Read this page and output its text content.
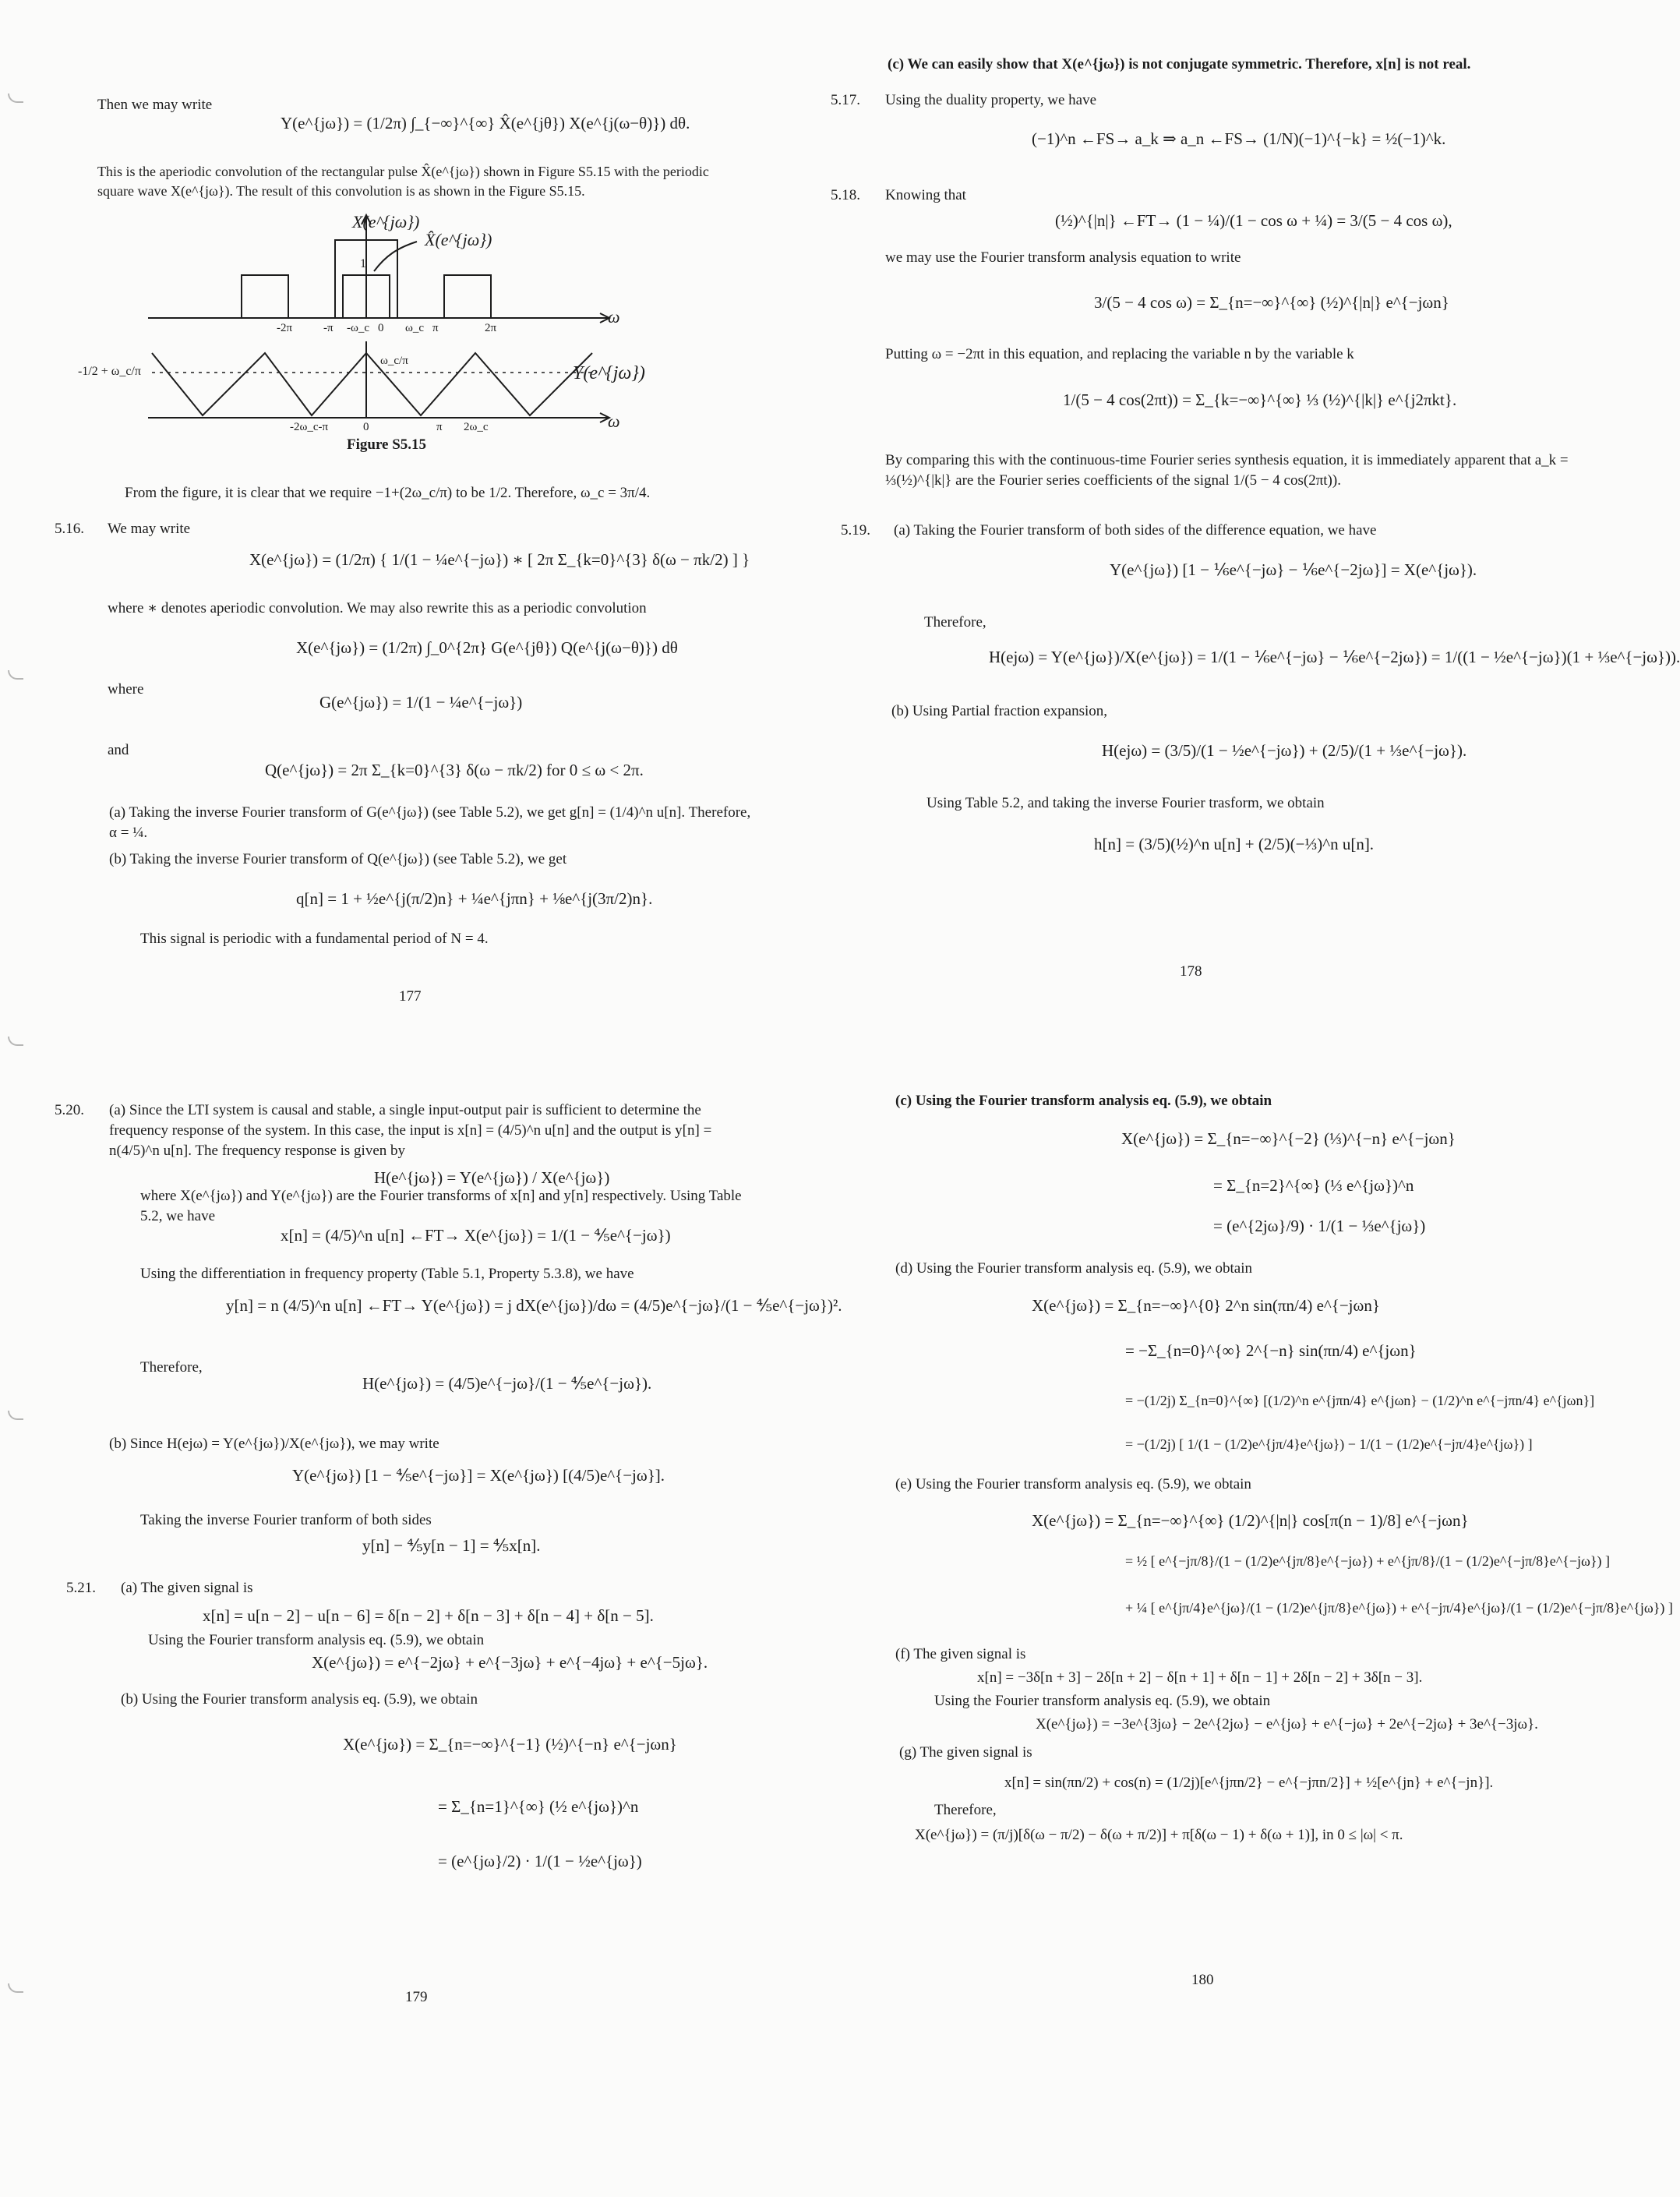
Then we may write
Y(e^{jω}) = (1/2π) ∫_{−∞}^{∞} X̂(e^{jθ}) X(e^{j(ω−θ)}) dθ.
This is the aperiodic convolution of the rectangular pulse X̂(e^{jω}) shown in Figure S5.15 with the periodic square wave X(e^{jω}). The result of this convolution is as shown in the Figure S5.15.
X(e^{jω})
X̂(e^{jω})
1
-2π	-π -ω_c 0 ω_c π	2π
ω
ω_c/π
-1/2 + ω_c/π	Y(e^{jω})
-2ω_c-π	0	π 2ω_c	ω
Figure S5.15
From the figure, it is clear that we require −1+(2ω_c/π) to be 1/2. Therefore, ω_c = 3π/4.
5.16. We may write
X(e^{jω}) = (1/2π) { 1/(1 − ¼e^{−jω}) ∗ [ 2π Σ_{k=0}^{3} δ(ω − πk/2) ] }
where ∗ denotes aperiodic convolution. We may also rewrite this as a periodic convolution
X(e^{jω}) = (1/2π) ∫_0^{2π} G(e^{jθ}) Q(e^{j(ω−θ)}) dθ
where
G(e^{jω}) = 1/(1 − ¼e^{−jω})
and
Q(e^{jω}) = 2π Σ_{k=0}^{3} δ(ω − πk/2) for 0 ≤ ω < 2π.
(a) Taking the inverse Fourier transform of G(e^{jω}) (see Table 5.2), we get g[n] = (1/4)^n u[n]. Therefore, α = ¼.
(b) Taking the inverse Fourier transform of Q(e^{jω}) (see Table 5.2), we get
q[n] = 1 + ½e^{j(π/2)n} + ¼e^{jπn} + ⅛e^{j(3π/2)n}.
This signal is periodic with a fundamental period of N = 4.
177
(c) We can easily show that X(e^{jω}) is not conjugate symmetric. Therefore, x[n] is not real.
5.17. Using the duality property, we have
(−1)^n ←FS→ a_k ⇒ a_n ←FS→ (1/N)(−1)^{−k} = ½(−1)^k.
5.18. Knowing that
(½)^{|n|} ←FT→ (1 − ¼)/(1 − cos ω + ¼) = 3/(5 − 4 cos ω),
we may use the Fourier transform analysis equation to write
3/(5 − 4 cos ω) = Σ_{n=−∞}^{∞} (½)^{|n|} e^{−jωn}
Putting ω = −2πt in this equation, and replacing the variable n by the variable k
1/(5 − 4 cos(2πt)) = Σ_{k=−∞}^{∞} ⅓ (½)^{|k|} e^{j2πkt}.
By comparing this with the continuous-time Fourier series synthesis equation, it is immediately apparent that a_k = ⅓(½)^{|k|} are the Fourier series coefficients of the signal 1/(5 − 4 cos(2πt)).
5.19. (a) Taking the Fourier transform of both sides of the difference equation, we have
Y(e^{jω}) [1 − ⅙e^{−jω} − ⅙e^{−2jω}] = X(e^{jω}).
Therefore,
H(ejω) = Y(e^{jω})/X(e^{jω}) = 1/(1 − ⅙e^{−jω} − ⅙e^{−2jω}) = 1/((1 − ½e^{−jω})(1 + ⅓e^{−jω})).
(b) Using Partial fraction expansion,
H(ejω) = (3/5)/(1 − ½e^{−jω}) + (2/5)/(1 + ⅓e^{−jω}).
Using Table 5.2, and taking the inverse Fourier trasform, we obtain
h[n] = (3/5)(½)^n u[n] + (2/5)(−⅓)^n u[n].
178
5.20. (a) Since the LTI system is causal and stable, a single input-output pair is sufficient to determine the frequency response of the system. In this case, the input is x[n] = (4/5)^n u[n] and the output is y[n] = n(4/5)^n u[n]. The frequency response is given by
H(e^{jω}) = Y(e^{jω}) / X(e^{jω})
where X(e^{jω}) and Y(e^{jω}) are the Fourier transforms of x[n] and y[n] respectively. Using Table 5.2, we have
x[n] = (4/5)^n u[n] ←FT→ X(e^{jω}) = 1/(1 − ⅘e^{−jω})
Using the differentiation in frequency property (Table 5.1, Property 5.3.8), we have
y[n] = n (4/5)^n u[n] ←FT→ Y(e^{jω}) = j dX(e^{jω})/dω = (4/5)e^{−jω}/(1 − ⅘e^{−jω})².
Therefore,
H(e^{jω}) = (4/5)e^{−jω}/(1 − ⅘e^{−jω}).
(b) Since H(ejω) = Y(e^{jω})/X(e^{jω}), we may write
Y(e^{jω}) [1 − ⅘e^{−jω}] = X(e^{jω}) [(4/5)e^{−jω}].
Taking the inverse Fourier tranform of both sides
y[n] − ⅘y[n − 1] = ⅘x[n].
5.21. (a) The given signal is
x[n] = u[n − 2] − u[n − 6] = δ[n − 2] + δ[n − 3] + δ[n − 4] + δ[n − 5].
Using the Fourier transform analysis eq. (5.9), we obtain
X(e^{jω}) = e^{−2jω} + e^{−3jω} + e^{−4jω} + e^{−5jω}.
(b) Using the Fourier transform analysis eq. (5.9), we obtain
X(e^{jω}) = Σ_{n=−∞}^{−1} (½)^{−n} e^{−jωn}
= Σ_{n=1}^{∞} (½ e^{jω})^n
= (e^{jω}/2) · 1/(1 − ½e^{jω})
179
(c) Using the Fourier transform analysis eq. (5.9), we obtain
X(e^{jω}) = Σ_{n=−∞}^{−2} (⅓)^{−n} e^{−jωn}
= Σ_{n=2}^{∞} (⅓ e^{jω})^n
= (e^{2jω}/9) · 1/(1 − ⅓e^{jω})
(d) Using the Fourier transform analysis eq. (5.9), we obtain
X(e^{jω}) = Σ_{n=−∞}^{0} 2^n sin(πn/4) e^{−jωn}
= −Σ_{n=0}^{∞} 2^{−n} sin(πn/4) e^{jωn}
= −(1/2j) Σ_{n=0}^{∞} [(1/2)^n e^{jπn/4} e^{jωn} − (1/2)^n e^{−jπn/4} e^{jωn}]
= −(1/2j) [ 1/(1 − (1/2)e^{jπ/4}e^{jω}) − 1/(1 − (1/2)e^{−jπ/4}e^{jω}) ]
(e) Using the Fourier transform analysis eq. (5.9), we obtain
X(e^{jω}) = Σ_{n=−∞}^{∞} (1/2)^{|n|} cos[π(n − 1)/8] e^{−jωn}
= ½ [ e^{−jπ/8}/(1 − (1/2)e^{jπ/8}e^{−jω}) + e^{jπ/8}/(1 − (1/2)e^{−jπ/8}e^{−jω}) ]
+ ¼ [ e^{jπ/4}e^{jω}/(1 − (1/2)e^{jπ/8}e^{jω}) + e^{−jπ/4}e^{jω}/(1 − (1/2)e^{−jπ/8}e^{jω}) ]
(f) The given signal is
x[n] = −3δ[n + 3] − 2δ[n + 2] − δ[n + 1] + δ[n − 1] + 2δ[n − 2] + 3δ[n − 3].
Using the Fourier transform analysis eq. (5.9), we obtain
X(e^{jω}) = −3e^{3jω} − 2e^{2jω} − e^{jω} + e^{−jω} + 2e^{−2jω} + 3e^{−3jω}.
(g) The given signal is
x[n] = sin(πn/2) + cos(n) = (1/2j)[e^{jπn/2} − e^{−jπn/2}] + ½[e^{jn} + e^{−jn}].
Therefore,
X(e^{jω}) = (π/j)[δ(ω − π/2) − δ(ω + π/2)] + π[δ(ω − 1) + δ(ω + 1)], in 0 ≤ |ω| < π.
180
